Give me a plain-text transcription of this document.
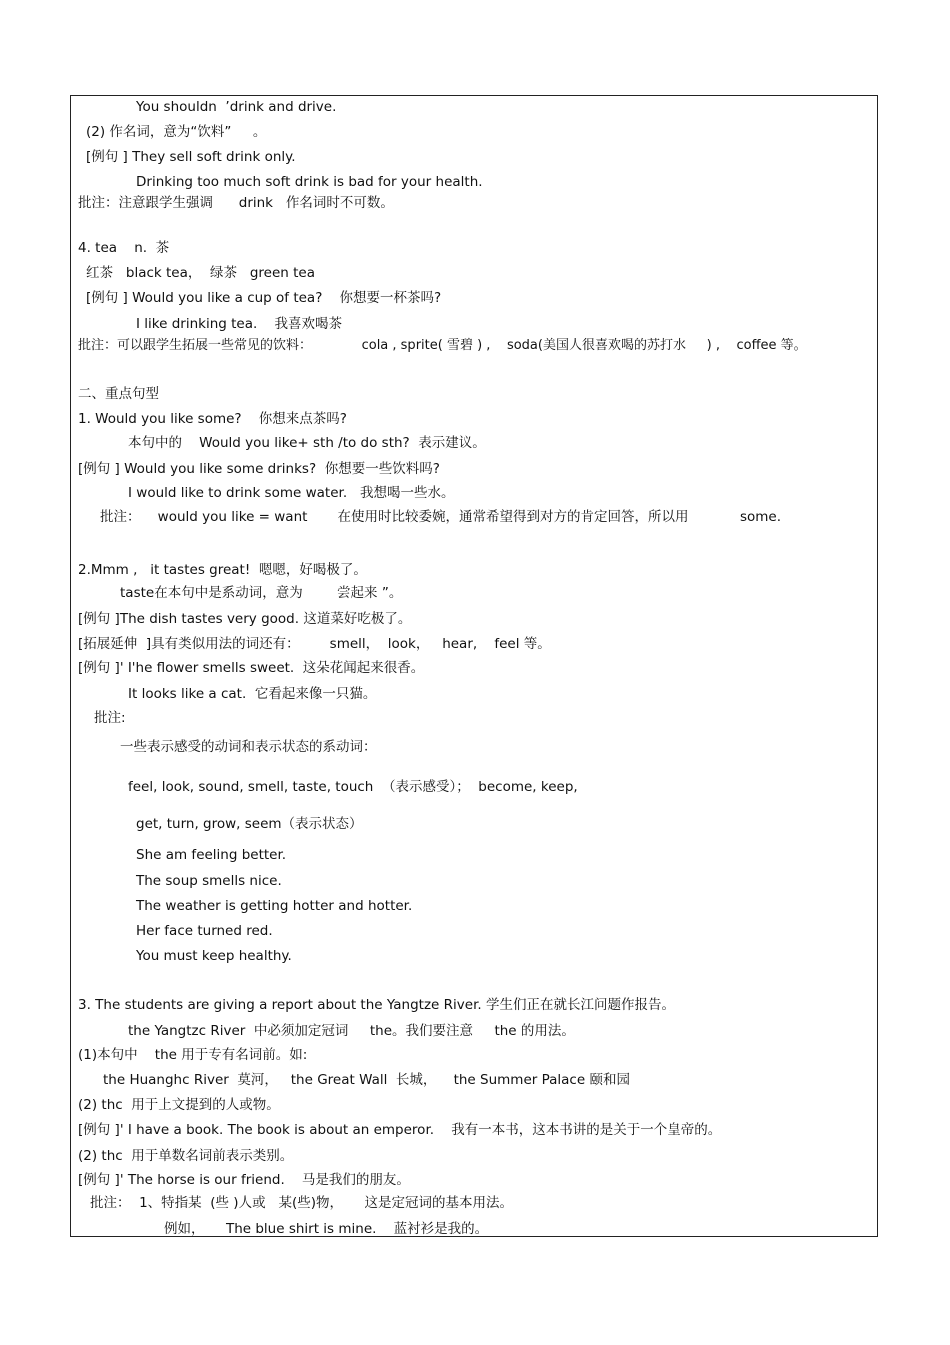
You shouldn  ’drink and drive.
(2) 作名词，意为“饮料”     。
[例句 ] They sell soft drink only.
Drinking too much soft drink is bad for your health.
批注：注意跟学生强调      drink   作名词时不可数。
4. tea    n.  茶
红茶   black tea，  绿茶   green tea
[例句 ] Would you like a cup of tea?    你想要一杯茶吗?
I like drinking tea.    我喜欢喝茶
批注：可以跟学生拓展一些常见的饮料：            cola , sprite( 雪碧 ) ,    soda(美国人很喜欢喝的苏打水     ) ,    coffee 等。
二、重点句型
1. Would you like some?    你想来点茶吗?
本句中的    Would you like+ sth /to do sth?  表示建议。
[例句 ] Would you like some drinks?  你想要一些饮料吗?
I would like to drink some water.   我想喝一些水。
批注：    would you like = want       在使用时比较委婉，通常希望得到对方的肯定回答，所以用            some.
2.Mmm ,   it tastes great!  嗯嗯，好喝极了。
taste在本句中是系动词，意为        尝起来 ”。
[例句 ]The dish tastes very good. 这道菜好吃极了。
[拓展延伸  ]具有类似用法的词还有：       smell，  look，   hear,    feel 等。
[例句 ]' I'he flower smells sweet.  这朵花闻起来很香。
It looks like a cat.  它看起来像一只猫。
批注:
一些表示感受的动词和表示状态的系动词：
feel, look, sound, smell, taste, touch  （表示感受）；  become, keep,
get, turn, grow, seem（表示状态）
She am feeling better.
The soup smells nice.
The weather is getting hotter and hotter.
Her face turned red.
You must keep healthy.
3. The students are giving a report about the Yangtze River. 学生们正在就长江问题作报告。
the Yangtzc River  中必须加定冠词     the。我们要注意     the 的用法。
(1)本句中    the 用于专有名词前。如:
the Huanghc River  莫河，   the Great Wall  长城，    the Summer Palace 颐和园
(2) thc  用于上文提到的人或物。
[例句 ]' I have a book. The book is about an emperor.    我有一本书，这本书讲的是关于一个皇帝的。
(2) thc  用于单数名词前表示类别。
[例句 ]' The horse is our friend.    马是我们的朋友。
批注：  1、特指某  (些 )人或   某(些)物，     这是定冠词的基本用法。
例如，     The blue shirt is mine.    蓝衬衫是我的。
